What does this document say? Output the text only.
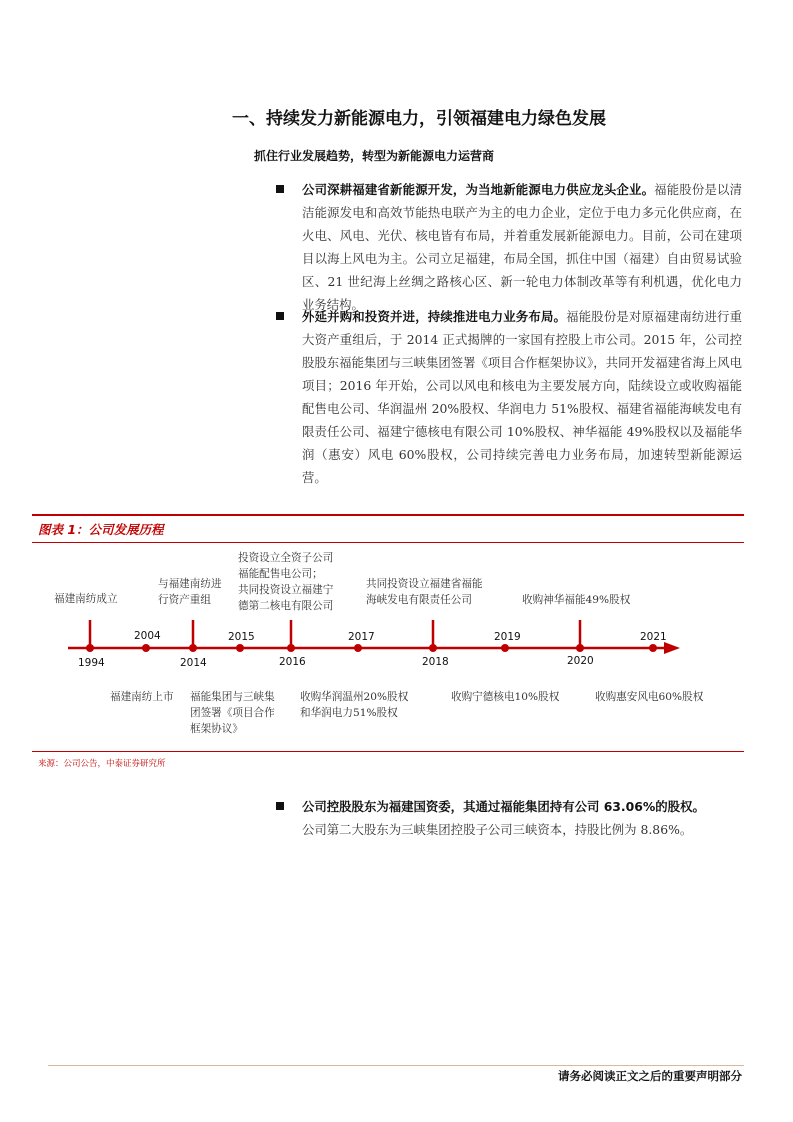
一、持续发力新能源电力，引领福建电力绿色发展
抓住行业发展趋势，转型为新能源电力运营商
公司深耕福建省新能源开发，为当地新能源电力供应龙头企业。福能股份是以清洁能源发电和高效节能热电联产为主的电力企业，定位于电力多元化供应商，在火电、风电、光伏、核电皆有布局，并着重发展新能源电力。目前，公司在建项目以海上风电为主。公司立足福建，布局全国，抓住中国（福建）自由贸易试验区、21 世纪海上丝绸之路核心区、新一轮电力体制改革等有利机遇，优化电力业务结构。
外延并购和投资并进，持续推进电力业务布局。福能股份是对原福建南纺进行重大资产重组后，于 2014 正式揭牌的一家国有控股上市公司。2015 年，公司控股股东福能集团与三峡集团签署《项目合作框架协议》，共同开发福建省海上风电项目；2016 年开始，公司以风电和核电为主要发展方向，陆续设立或收购福能配售电公司、华润温州 20%股权、华润电力 51%股权、福建省福能海峡发电有限责任公司、福建宁德核电有限公司 10%股权、神华福能 49%股权以及福能华润（惠安）风电 60%股权，公司持续完善电力业务布局，加速转型新能源运营。
图表 1：公司发展历程
福建南纺成立
1994
与福建南纺进
行资产重组
2014
投资设立全资子公司
福能配售电公司；
共同投资设立福建宁
德第二核电有限公司
2016
共同投资设立福建省福能
海峡发电有限责任公司
2018
收购神华福能49%股权
2020
2004
福建南纺上市
2015
福能集团与三峡集
团签署《项目合作
框架协议》
2017
收购华润温州20%股权
和华润电力51%股权
2019
收购宁德核电10%股权
2021
收购惠安风电60%股权
来源：公司公告，中泰证券研究所
公司控股股东为福建国资委，其通过福能集团持有公司 63.06%的股权。
公司第二大股东为三峡集团控股子公司三峡资本，持股比例为 8.86%。
请务必阅读正文之后的重要声明部分
